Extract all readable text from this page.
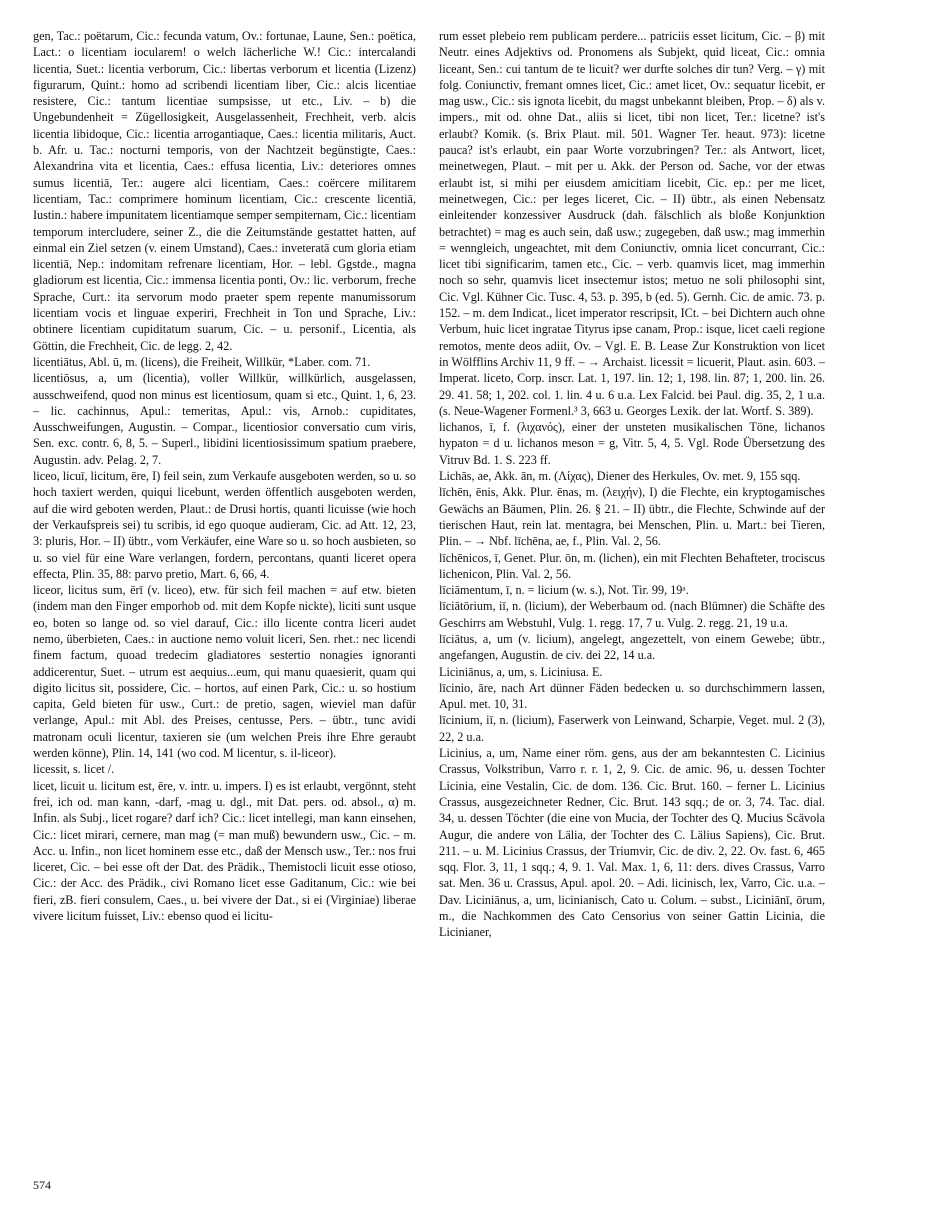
gen, Tac.: poëtarum, Cic.: fecunda vatum, Ov.: fortunae, Laune, Sen.: poëtica, Lact.: o licentiam iocularem! o welch lächerliche W.! Cic.: intercalandi licentia, Suet.: licentia verborum, Cic.: libertas verborum et licentia (Lizenz) figurarum, Quint.: homo ad scribendi licentiam liber, Cic.: alcis licentiae resistere, Cic.: tantum licentiae sumpsisse, ut etc., Liv. – b) die Ungebundenheit = Zügellosigkeit, Ausgelassenheit, Frechheit, verb. alcis licentia libidoque, Cic.: licentia arrogantiaque, Caes.: licentia militaris, Auct. b. Afr. u. Tac.: nocturni temporis, von der Nachtzeit begünstigte, Caes.: Alexandrina vita et licentia, Caes.: effusa licentia, Liv.: deteriores omnes sumus licentiā, Ter.: augere alci licentiam, Caes.: coërcere militarem licentiam, Tac.: comprimere hominum licentiam, Cic.: crescente licentiā, Iustin.: habere impunitatem licentiamque semper sempiternam, Cic.: licentiam temporum intercludere, seiner Z., die die Zeitumstände gestattet hatten, auf einmal ein Ziel setzen (v. einem Umstand), Caes.: inveteratā cum gloria etiam licentiā, Nep.: indomitam refrenare licentiam, Hor. – lebl. Ggstde., magna gladiorum est licentia, Cic.: immensa licentia ponti, Ov.: lic. verborum, freche Sprache, Curt.: ita servorum modo praeter spem repente manumissorum licentiam vocis et linguae experiri, Frechheit in Ton und Sprache, Liv.: obtinere licentiam cupiditatum suarum, Cic. – u. personif., Licentia, als Göttin, die Frechheit, Cic. de legg. 2, 42.

licentiātus, Abl. ū, m. (licens), die Freiheit, Willkür, *Laber. com. 71.

licentiōsus, a, um (licentia), voller Willkür, willkürlich, ausgelassen, ausschweifend, quod non minus est licentiosum, quam si etc., Quint. 1, 6, 23. – lic. cachinnus, Apul.: temeritas, Apul.: vis, Arnob.: cupiditates, Ausschweifungen, Augustin. – Compar., licentiosior conversatio cum viris, Sen. exc. contr. 6, 8, 5. – Superl., libidini licentiosissimum spatium praebere, Augustin. adv. Pelag. 2, 7.

liceo, licuī, licitum, ēre, I) feil sein, zum Verkaufe ausgeboten werden, so u. so hoch taxiert werden, quiqui licebunt, werden öffentlich ausgeboten werden, auf die wird geboten werden, Plaut.: de Drusi hortis, quanti licuisse (wie hoch der Verkaufspreis sei) tu scribis, id ego quoque audieram, Cic. ad Att. 12, 23, 3: pluris, Hor. – II) übtr., vom Verkäufer, eine Ware so u. so hoch ausbieten, so u. so viel für eine Ware verlangen, fordern, percontans, quanti liceret opera effecta, Plin. 35, 88: parvo pretio, Mart. 6, 66, 4.

liceor, licitus sum, ērī (v. liceo), etw. für sich feil machen = auf etw. bieten (indem man den Finger emporhob od. mit dem Kopfe nickte), liciti sunt usque eo, boten so lange od. so viel darauf, Cic.: illo licente contra liceri audet nemo, überbieten, Caes.: in auctione nemo voluit liceri, Sen. rhet.: nec licendi finem factum, quoad tredecim gladiatores sestertio nonagies ignoranti addicerentur, Suet. – utrum est aequius...eum, qui manu quaesierit, quam qui digito licitus sit, possidere, Cic. – hortos, auf einen Park, Cic.: u. so hostium capita, Geld bieten für usw., Curt.: de pretio, sagen, wieviel man dafür verlange, Apul.: mit Abl. des Preises, centusse, Pers. – übtr., tunc avidi matronam oculi licentur, taxieren sie (um welchen Preis ihre Ehre geraubt werden könne), Plin. 14, 141 (wo cod. M licentur, s. il-liceor).

licessit, s. licet /.

licet, licuit u. licitum est, ēre, v. intr. u. impers. I) es ist erlaubt, vergönnt, steht frei, ich od. man kann, -darf, -mag u. dgl., mit Dat. pers. od. absol., α) m. Infin. als Subj., licet rogare? darf ich? Cic.: licet intellegi, man kann einsehen, Cic.: licet mirari, cernere, man mag (= man muß) bewundern usw., Cic. – m. Acc. u. Infin., non licet hominem esse etc., daß der Mensch usw., Ter.: nos frui liceret, Cic. – bei esse oft der Dat. des Prädik., Themistocli licuit esse otioso, Cic.: der Acc. des Prädik., civi Romano licet esse Gaditanum, Cic.: wie bei fieri, zB. fieri consulem, Caes., u. bei vivere der Dat., si ei (Virginiae) liberae vivere licitum fuisset, Liv.: ebenso quod ei licitu-

rum esset plebeio rem publicam perdere... patriciis esset licitum, Cic. – β) mit Neutr. eines Adjektivs od. Pronomens als Subjekt, quid liceat, Cic.: omnia liceant, Sen.: cui tantum de te licuit? wer durfte solches dir tun? Verg. – γ) mit folg. Coniunctiv, fremant omnes licet, Cic.: amet licet, Ov.: sequatur licebit, er mag usw., Cic.: sis ignota licebit, du magst unbekannt bleiben, Prop. – δ) als v. impers., mit od. ohne Dat., aliis si licet, tibi non licet, Ter.: licetne? ist's erlaubt? Komik. (s. Brix Plaut. mil. 501. Wagner Ter. heaut. 973): licetne pauca? ist's erlaubt, ein paar Worte vorzubringen? Ter.: als Antwort, licet, meinetwegen, Plaut. – mit per u. Akk. der Person od. Sache, vor der etwas erlaubt ist, si mihi per eiusdem amicitiam licebit, Cic. ep.: per me licet, meinetwegen, Cic.: per leges liceret, Cic. – II) übtr., als einen Nebensatz einleitender konzessiver Ausdruck (dah. fälschlich als bloße Konjunktion betrachtet) = mag es auch sein, daß usw.; zugegeben, daß usw.; mag immerhin = wenngleich, ungeachtet, mit dem Coniunctiv, omnia licet concurrant, Cic.: licet tibi significarim, tamen etc., Cic. – verb. quamvis licet, mag immerhin noch so sehr, quamvis licet insectemur istos; metuo ne soli philosophi sint, Cic. Vgl. Kühner Cic. Tusc. 4, 53. p. 395, b (ed. 5). Gernh. Cic. de amic. 73. p. 152. – m. dem Indicat., licet imperator rescripsit, ICt. – bei Dichtern auch ohne Verbum, huic licet ingratae Tityrus ipse canam, Prop.: isque, licet caeli regione remotos, mente deos adiit, Ov. – Vgl. E. B. Lease Zur Konstruktion von licet in Wölfflins Archiv 11, 9 ff. – → Archaist. licessit = licuerit, Plaut. asin. 603. – Imperat. liceto, Corp. inscr. Lat. 1, 197. lin. 12; 1, 198. lin. 87; 1, 200. lin. 26. 29. 41. 58; 1, 202. col. 1. lin. 4 u. 6 u.a. Lex Falcid. bei Paul. dig. 35, 2, 1 u.a. (s. Neue-Wagener Formenl.³ 3, 663 u. Georges Lexik. der lat. Wortf. S. 389).

lichanos, ī, f. (λιχανός), einer der unsteten musikalischen Töne, lichanos hypaton = d u. lichanos meson = g, Vitr. 5, 4, 5. Vgl. Rode Übersetzung des Vitruv Bd. 1. S. 223 ff.

Lichās, ae, Akk. ān, m. (Λίχας), Diener des Herkules, Ov. met. 9, 155 sqq.

līchēn, ēnis, Akk. Plur. ēnas, m. (λειχήν), I) die Flechte, ein kryptogamisches Gewächs an Bäumen, Plin. 26. § 21. – II) übtr., die Flechte, Schwinde auf der tierischen Haut, rein lat. mentagra, bei Menschen, Plin. u. Mart.: bei Tieren, Plin. – → Nbf. līchēna, ae, f., Plin. Val. 2, 56.

līchēnicos, ī, Genet. Plur. ōn, m. (lichen), ein mit Flechten Behafteter, trociscus lichenicon, Plin. Val. 2, 56.

līciāmentum, ī, n. = licium (w. s.), Not. Tir. 99, 19ᵃ.

līciātōrium, iī, n. (licium), der Weberbaum od. (nach Blümner) die Schäfte des Geschirrs am Webstuhl, Vulg. 1. regg. 17, 7 u. Vulg. 2. regg. 21, 19 u.a.

līciātus, a, um (v. licium), angelegt, angezettelt, von einem Gewebe; übtr., angefangen, Augustin. de civ. dei 22, 14 u.a.

Liciniānus, a, um, s. Liciniusa. E.

līcinio, āre, nach Art dünner Fäden bedecken u. so durchschimmern lassen, Apul. met. 10, 31.

līcinium, iī, n. (licium), Faserwerk von Leinwand, Scharpie, Veget. mul. 2 (3), 22, 2 u.a.

Licinius, a, um, Name einer röm. gens, aus der am bekanntesten C. Licinius Crassus, Volkstribun, Varro r. r. 1, 2, 9. Cic. de amic. 96, u. dessen Tochter Licinia, eine Vestalin, Cic. de dom. 136. Cic. Brut. 160. – ferner L. Licinius Crassus, ausgezeichneter Redner, Cic. Brut. 143 sqq.; de or. 3, 74. Tac. dial. 34, u. dessen Töchter (die eine von Mucia, der Tochter des Q. Mucius Scävola Augur, die andere von Lälia, der Tochter des C. Lälius Sapiens), Cic. Brut. 211. – u. M. Licinius Crassus, der Triumvir, Cic. de div. 2, 22. Ov. fast. 6, 465 sqq. Flor. 3, 11, 1 sqq.; 4, 9. 1. Val. Max. 1, 6, 11: ders. dives Crassus, Varro sat. Men. 36 u. Crassus, Apul. apol. 20. – Adi. licinisch, lex, Varro, Cic. u.a. – Dav. Liciniānus, a, um, licinianisch, Cato u. Colum. – subst., Liciniānī, ōrum, m., die Nachkommen des Cato Censorius von seiner Gattin Licinia, die Licinianer,

574
